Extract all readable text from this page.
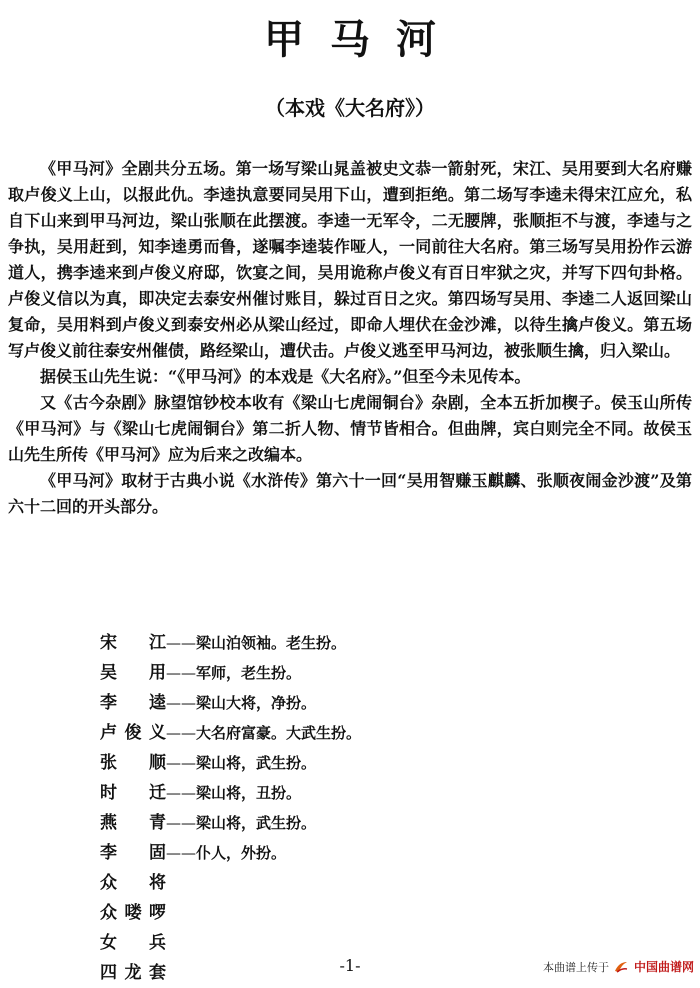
甲马河
（本戏《大名府》）

《甲马河》全剧共分五场。第一场写梁山晁盖被史文恭一箭射死，宋江、吴用要到大名府赚取卢俊义上山，以报此仇。李逵执意要同吴用下山，遭到拒绝。第二场写李逵未得宋江应允，私自下山来到甲马河边，梁山张顺在此摆渡。李逵一无军令，二无腰牌，张顺拒不与渡，李逵与之争执，吴用赶到，知李逵勇而鲁，遂嘱李逵装作哑人，一同前往大名府。第三场写吴用扮作云游道人，携李逵来到卢俊义府邸，饮宴之间，吴用诡称卢俊义有百日牢狱之灾，并写下四句卦格。卢俊义信以为真，即决定去泰安州催讨账目，躲过百日之灾。第四场写吴用、李逵二人返回梁山复命，吴用料到卢俊义到泰安州必从梁山经过，即命人埋伏在金沙滩，以待生擒卢俊义。第五场写卢俊义前往泰安州催债，路经梁山，遭伏击。卢俊义逃至甲马河边，被张顺生擒，归入梁山。

据侯玉山先生说：“《甲马河》的本戏是《大名府》。”但至今未见传本。

又《古今杂剧》脉望馆钞校本收有《梁山七虎闹铜台》杂剧，全本五折加楔子。侯玉山所传《甲马河》与《梁山七虎闹铜台》第二折人物、情节皆相合。但曲牌，宾白则完全不同。故侯玉山先生所传《甲马河》应为后来之改编本。

《甲马河》取材于古典小说《水浒传》第六十一回“吴用智赚玉麒麟、张顺夜闹金沙渡”及第六十二回的开头部分。

宋江——梁山泊领袖。老生扮。
吴用——军师，老生扮。
李逵——梁山大将，净扮。
卢俊义——大名府富豪。大武生扮。
张顺——梁山将，武生扮。
时迁——梁山将，丑扮。
燕青——梁山将，武生扮。
李固——仆人，外扮。
众将
众喽啰
女兵
四龙套	-1-	本曲谱上传于 中国曲谱网
